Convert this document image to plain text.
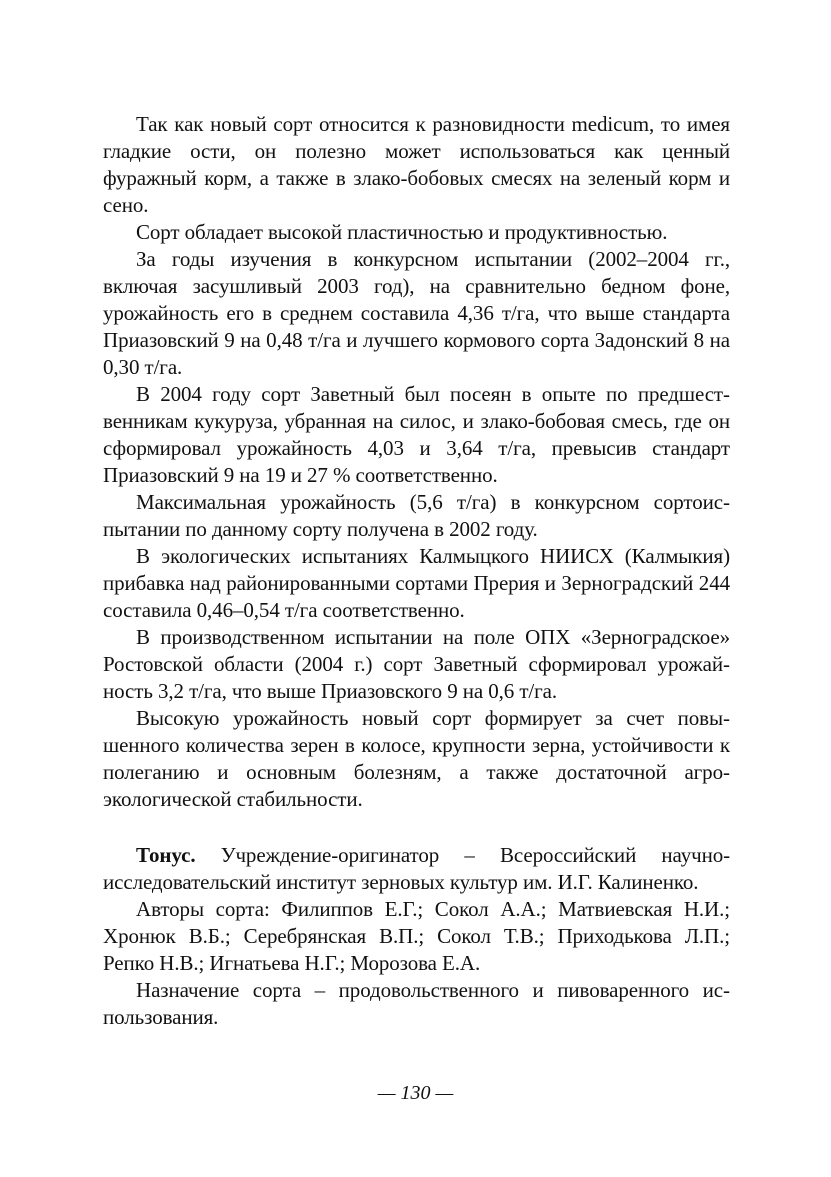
Так как новый сорт относится к разновидности medicum, то имея гладкие ости, он полезно может использоваться как ценный фуражный корм, а также в злако-бобовых смесях на зеленый корм и сено.

Сорт обладает высокой пластичностью и продуктивностью.

За годы изучения в конкурсном испытании (2002–2004 гг., включая засушливый 2003 год), на сравнительно бедном фоне, урожайность его в среднем составила 4,36 т/га, что выше стандарта Приазовский 9 на 0,48 т/га и лучшего кормового сорта Задонский 8 на 0,30 т/га.

В 2004 году сорт Заветный был посеян в опыте по предшественникам кукуруза, убранная на силос, и злако-бобовая смесь, где он сформировал урожайность 4,03 и 3,64 т/га, превысив стандарт Приазовский 9 на 19 и 27 % соответственно.

Максимальная урожайность (5,6 т/га) в конкурсном сортоиспытании по данному сорту получена в 2002 году.

В экологических испытаниях Калмыцкого НИИСХ (Калмыкия) прибавка над районированными сортами Прерия и Зерноградский 244 составила 0,46–0,54 т/га соответственно.

В производственном испытании на поле ОПХ «Зерноградское» Ростовской области (2004 г.) сорт Заветный сформировал урожайность 3,2 т/га, что выше Приазовского 9 на 0,6 т/га.

Высокую урожайность новый сорт формирует за счет повышенного количества зерен в колосе, крупности зерна, устойчивости к полеганию и основным болезням, а также достаточной агроэкологической стабильности.

Тонус. Учреждение-оригинатор – Всероссийский научно-исследовательский институт зерновых культур им. И.Г. Калиненко.

Авторы сорта: Филиппов Е.Г.; Сокол А.А.; Матвиевская Н.И.; Хронюк В.Б.; Серебрянская В.П.; Сокол Т.В.; Приходькова Л.П.; Репко Н.В.; Игнатьева Н.Г.; Морозова Е.А.

Назначение сорта – продовольственного и пивоваренного использования.

— 130 —
